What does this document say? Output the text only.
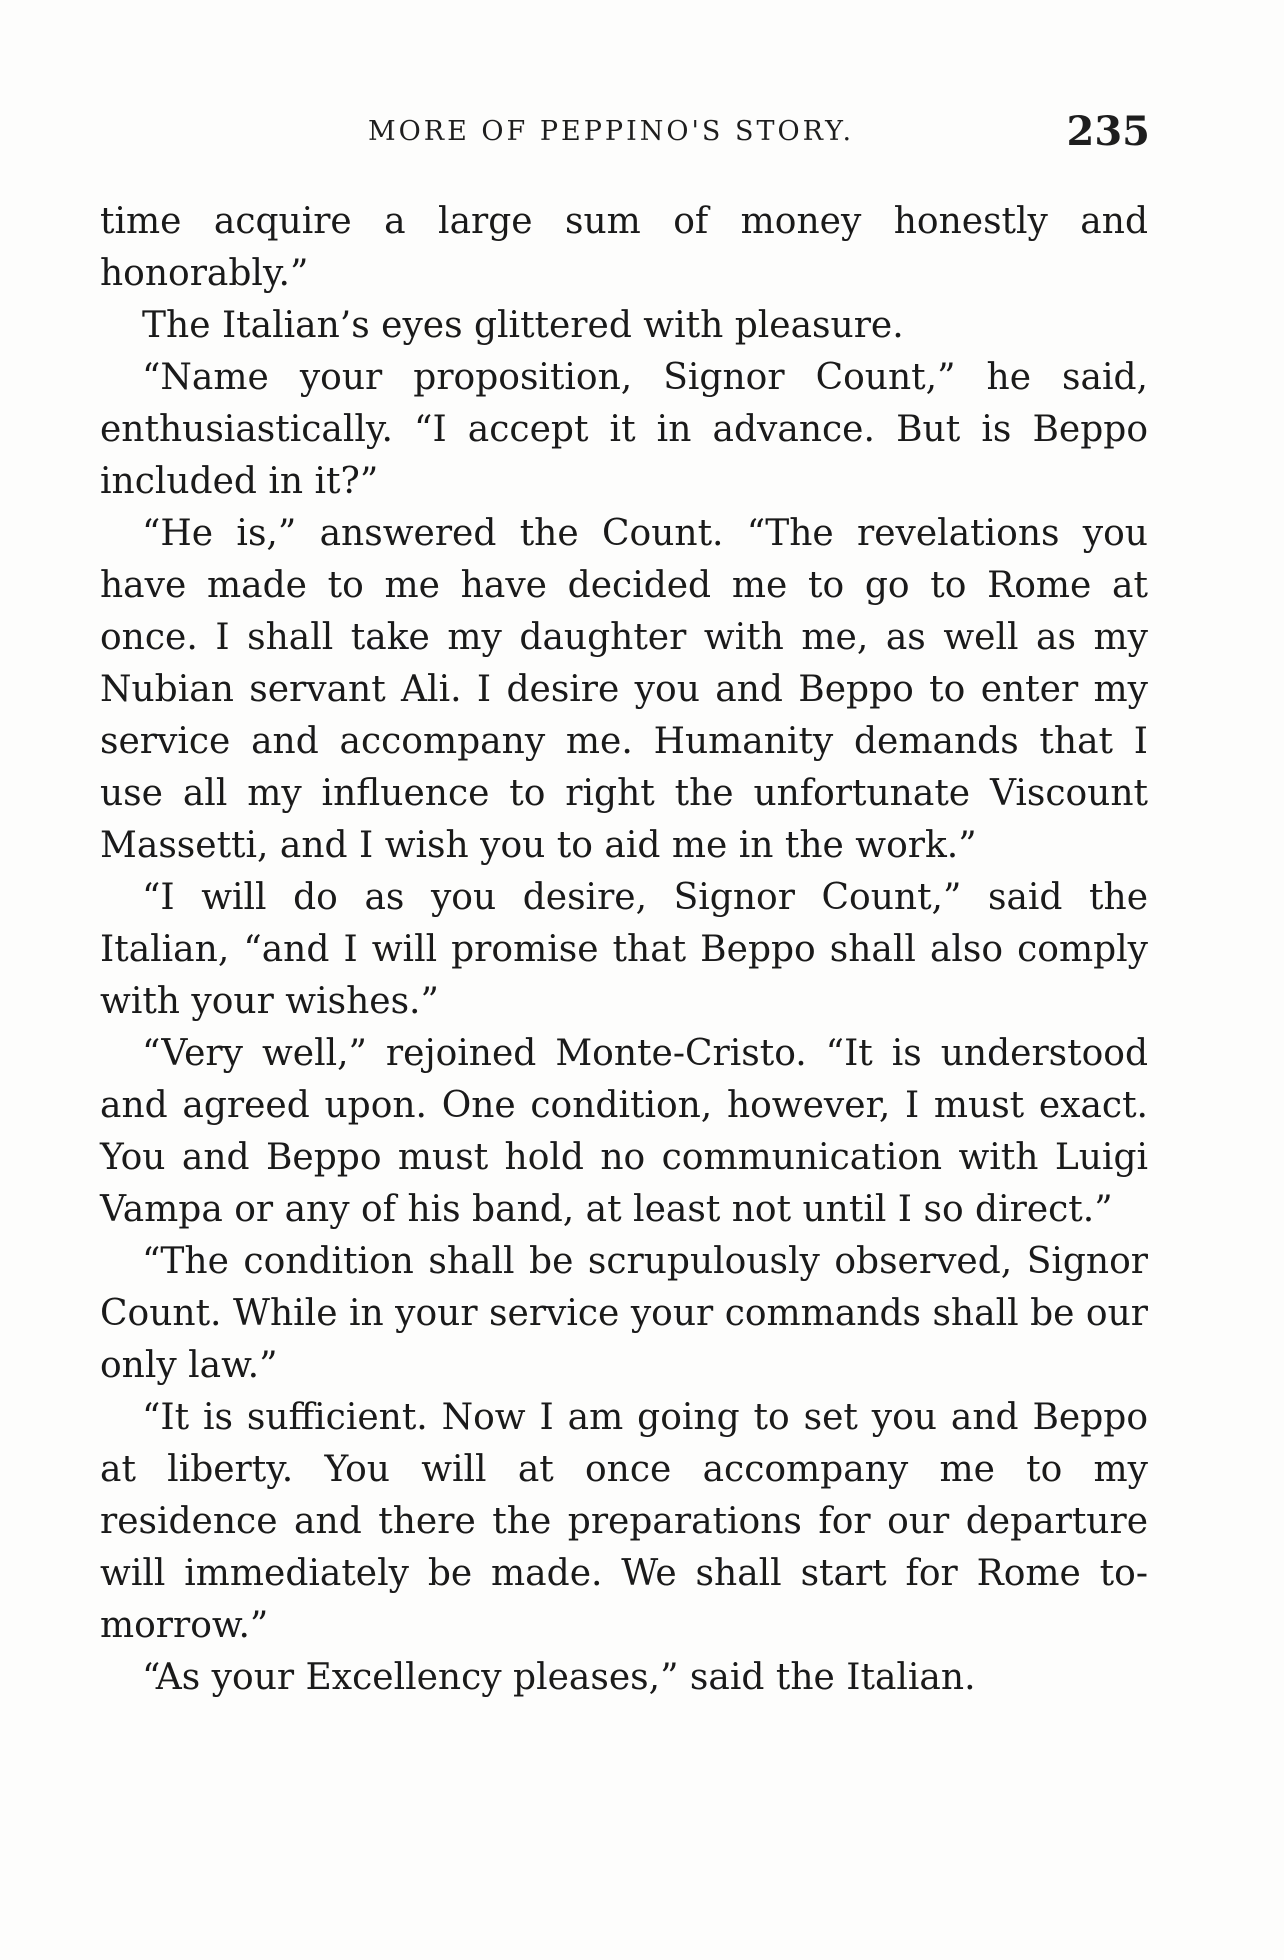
MORE OF PEPPINO'S STORY.	235

time acquire a large sum of money honestly and honorably.”

The Italian’s eyes glittered with pleasure.

“Name your proposition, Signor Count,” he said, enthusiastically. “I accept it in advance. But is Beppo included in it?”

“He is,” answered the Count. “The revelations you have made to me have decided me to go to Rome at once. I shall take my daughter with me, as well as my Nubian servant Ali. I desire you and Beppo to enter my service and accompany me. Humanity demands that I use all my influence to right the unfortunate Viscount Massetti, and I wish you to aid me in the work.”

“I will do as you desire, Signor Count,” said the Italian, “and I will promise that Beppo shall also comply with your wishes.”

“Very well,” rejoined Monte-Cristo. “It is understood and agreed upon. One condition, however, I must exact. You and Beppo must hold no communication with Luigi Vampa or any of his band, at least not until I so direct.”

“The condition shall be scrupulously observed, Signor Count. While in your service your commands shall be our only law.”

“It is sufficient. Now I am going to set you and Beppo at liberty. You will at once accompany me to my residence and there the preparations for our departure will immediately be made. We shall start for Rome to-morrow.”

“As your Excellency pleases,” said the Italian.
